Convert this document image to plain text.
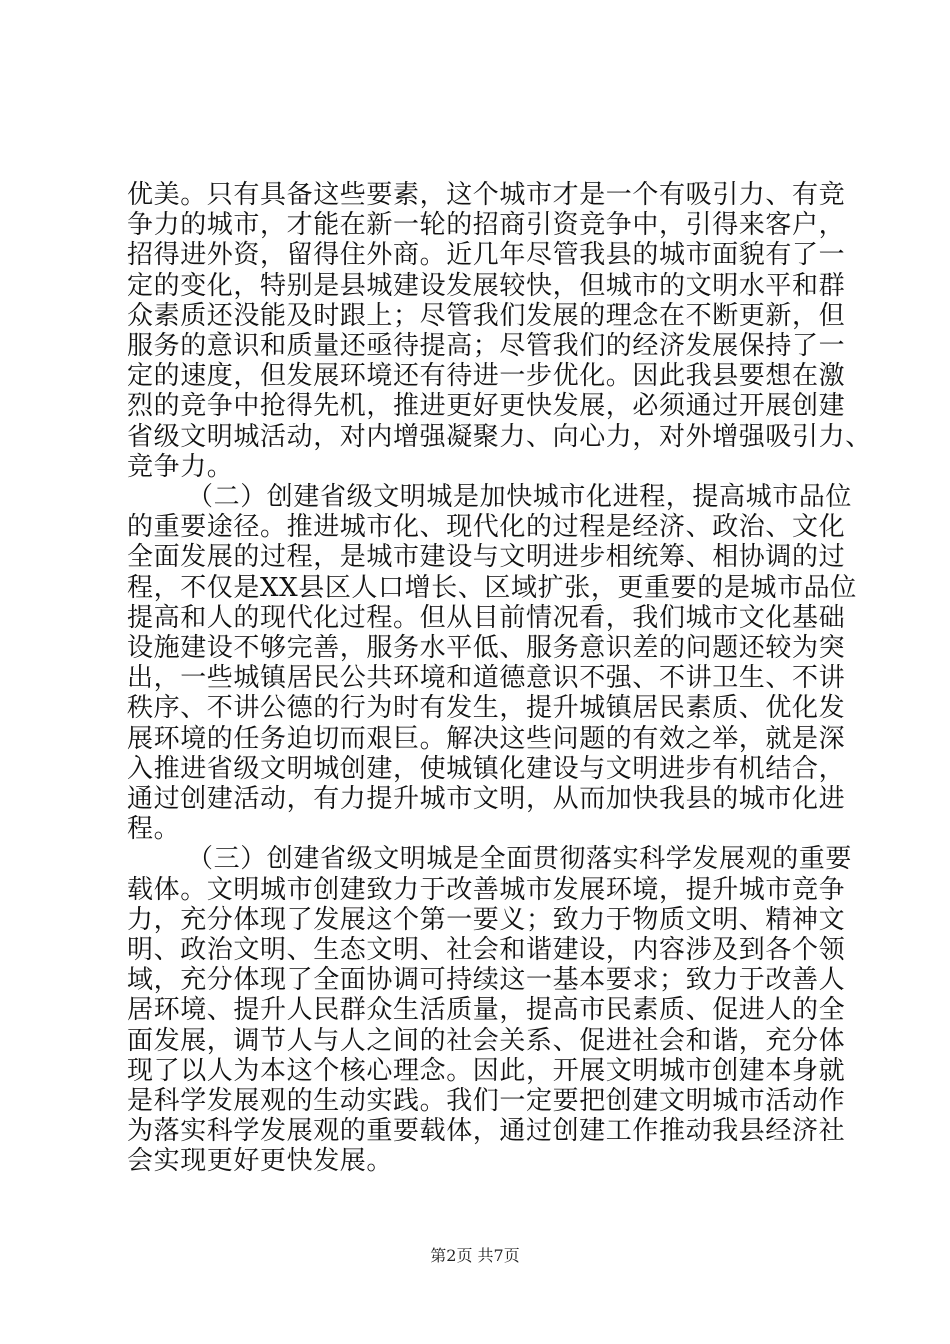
优美。只有具备这些要素，这个城市才是一个有吸引力、有竞
争力的城市，才能在新一轮的招商引资竞争中，引得来客户，
招得进外资，留得住外商。近几年尽管我县的城市面貌有了一
定的变化，特别是县城建设发展较快，但城市的文明水平和群
众素质还没能及时跟上；尽管我们发展的理念在不断更新，但
服务的意识和质量还亟待提高；尽管我们的经济发展保持了一
定的速度，但发展环境还有待进一步优化。因此我县要想在激
烈的竞争中抢得先机，推进更好更快发展，必须通过开展创建
省级文明城活动，对内增强凝聚力、向心力，对外增强吸引力、
竞争力。
（二）创建省级文明城是加快城市化进程，提高城市品位
的重要途径。推进城市化、现代化的过程是经济、政治、文化
全面发展的过程，是城市建设与文明进步相统筹、相协调的过
程，不仅是XX县区人口增长、区域扩张，更重要的是城市品位
提高和人的现代化过程。但从目前情况看，我们城市文化基础
设施建设不够完善，服务水平低、服务意识差的问题还较为突
出，一些城镇居民公共环境和道德意识不强、不讲卫生、不讲
秩序、不讲公德的行为时有发生，提升城镇居民素质、优化发
展环境的任务迫切而艰巨。解决这些问题的有效之举，就是深
入推进省级文明城创建，使城镇化建设与文明进步有机结合，
通过创建活动，有力提升城市文明，从而加快我县的城市化进
程。
（三）创建省级文明城是全面贯彻落实科学发展观的重要
载体。文明城市创建致力于改善城市发展环境，提升城市竞争
力，充分体现了发展这个第一要义；致力于物质文明、精神文
明、政治文明、生态文明、社会和谐建设，内容涉及到各个领
域，充分体现了全面协调可持续这一基本要求；致力于改善人
居环境、提升人民群众生活质量，提高市民素质、促进人的全
面发展，调节人与人之间的社会关系、促进社会和谐，充分体
现了以人为本这个核心理念。因此，开展文明城市创建本身就
是科学发展观的生动实践。我们一定要把创建文明城市活动作
为落实科学发展观的重要载体，通过创建工作推动我县经济社
会实现更好更快发展。
第2页 共7页
